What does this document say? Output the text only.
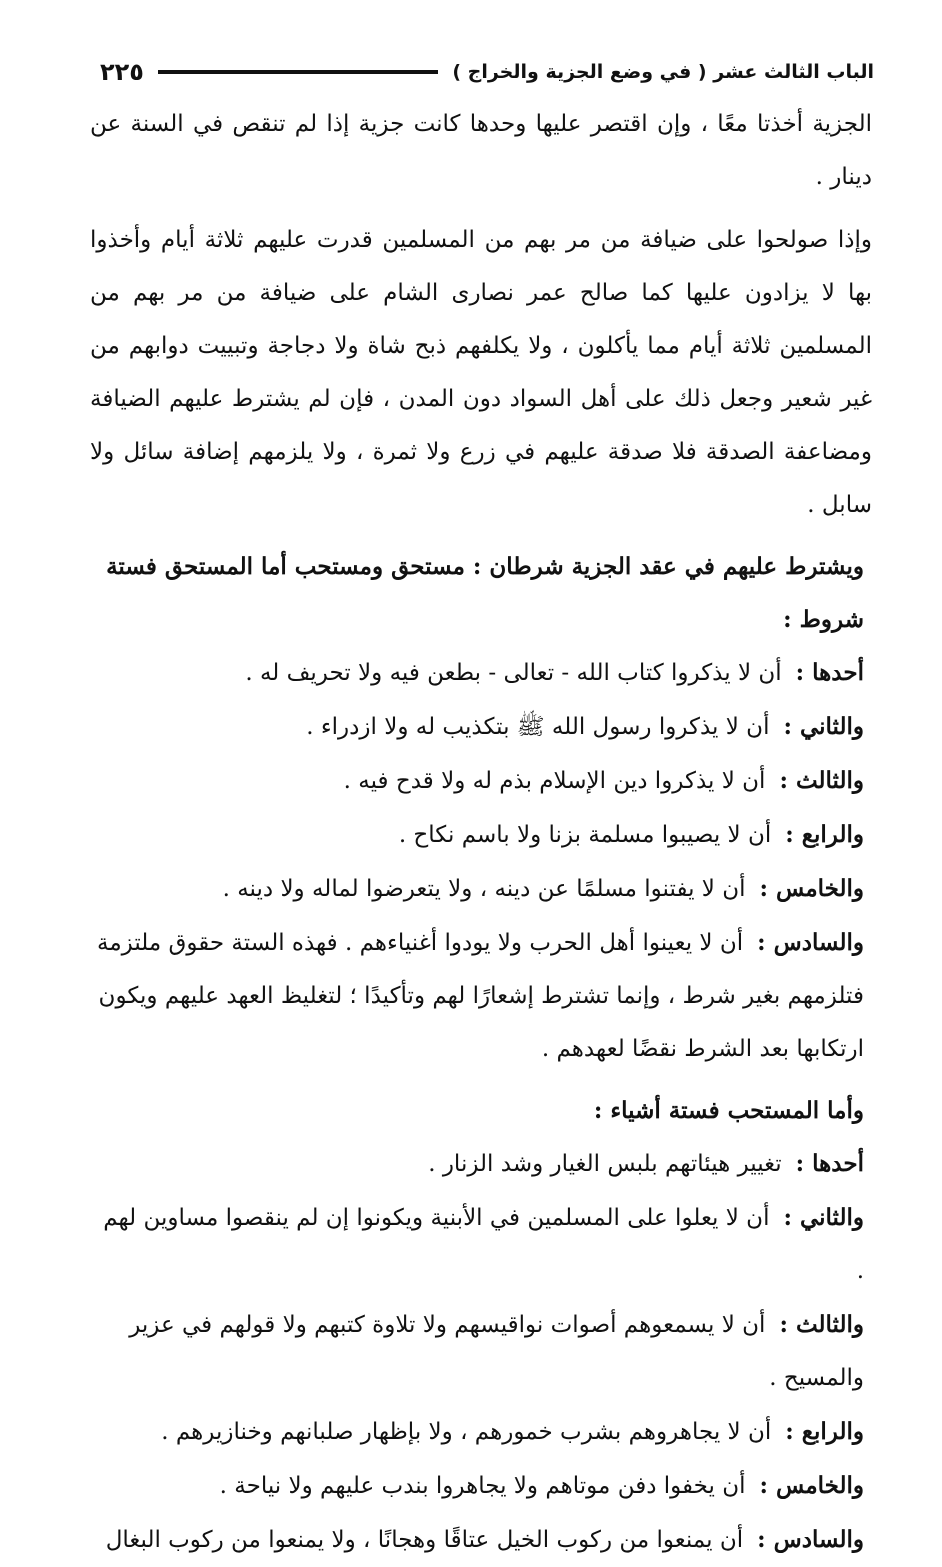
الباب الثالث عشر ( في وضع الجزية والخراج )
٢٢٥

الجزية أخذتا معًا ، وإن اقتصر عليها وحدها كانت جزية إذا لم تنقص في السنة عن دينار .

وإذا صولحوا على ضيافة من مر بهم من المسلمين قدرت عليهم ثلاثة أيام وأخذوا بها لا يزادون عليها كما صالح عمر نصارى الشام على ضيافة من مر بهم من المسلمين ثلاثة أيام مما يأكلون ، ولا يكلفهم ذبح شاة ولا دجاجة وتبييت دوابهم من غير شعير وجعل ذلك على أهل السواد دون المدن ، فإن لم يشترط عليهم الضيافة ومضاعفة الصدقة فلا صدقة عليهم في زرع ولا ثمرة ، ولا يلزمهم إضافة سائل ولا سابل .

ويشترط عليهم في عقد الجزية شرطان : مستحق ومستحب أما المستحق فستة شروط :

أحدها :أن لا يذكروا كتاب الله - تعالى - بطعن فيه ولا تحريف له .

والثاني :أن لا يذكروا رسول الله ﷺ بتكذيب له ولا ازدراء .

والثالث :أن لا يذكروا دين الإسلام بذم له ولا قدح فيه .

والرابع :أن لا يصيبوا مسلمة بزنا ولا باسم نكاح .

والخامس :أن لا يفتنوا مسلمًا عن دينه ، ولا يتعرضوا لماله ولا دينه .

والسادس :أن لا يعينوا أهل الحرب ولا يودوا أغنياءهم . فهذه الستة حقوق ملتزمة فتلزمهم بغير شرط ، وإنما تشترط إشعارًا لهم وتأكيدًا ؛ لتغليظ العهد عليهم ويكون ارتكابها بعد الشرط نقضًا لعهدهم .

وأما المستحب فستة أشياء :

أحدها :تغيير هيئاتهم بلبس الغيار وشد الزنار .

والثاني :أن لا يعلوا على المسلمين في الأبنية ويكونوا إن لم ينقصوا مساوين لهم .

والثالث :أن لا يسمعوهم أصوات نواقيسهم ولا تلاوة كتبهم ولا قولهم في عزير والمسيح .

والرابع :أن لا يجاهروهم بشرب خمورهم ، ولا بإظهار صلبانهم وخنازيرهم .

والخامس :أن يخفوا دفن موتاهم ولا يجاهروا بندب عليهم ولا نياحة .

والسادس :أن يمنعوا من ركوب الخيل عتاقًا وهجانًا ، ولا يمنعوا من ركوب البغال
